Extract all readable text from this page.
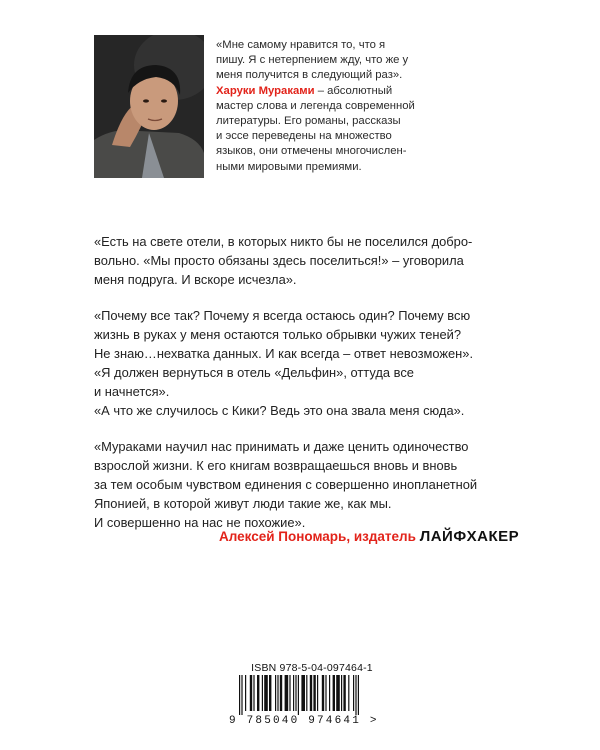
«Мне самому нравится то, что я
пишу. Я с нетерпением жду, что же у
меня получится в следующий раз».
Харуки Мураками – абсолютный
мастер слова и легенда современной
литературы. Его романы, рассказы
и эссе переведены на множество
языков, они отмечены многочислен-
ными мировыми премиями.

«Есть на свете отели, в которых никто бы не поселился добро-
вольно. «Мы просто обязаны здесь поселиться!» – уговорила
меня подруга. И вскоре исчезла».

«Почему все так? Почему я всегда остаюсь один? Почему всю
жизнь в руках у меня остаются только обрывки чужих теней?
Не знаю…нехватка данных. И как всегда – ответ невозможен».
«Я должен вернуться в отель «Дельфин», оттуда все
и начнется».
«А что же случилось с Кики? Ведь это она звала меня сюда».

«Мураками научил нас принимать и даже ценить одиночество
взрослой жизни. К его книгам возвращаешься вновь и вновь
за тем особым чувством единения с совершенно инопланетной
Японией, в которой живут люди такие же, как мы.
И совершенно на нас не похожие».

Алексей Пономарь, издатель ЛАЙФХАКЕР
ISBN 978-5-04-097464-1
9 785040 974641 >
